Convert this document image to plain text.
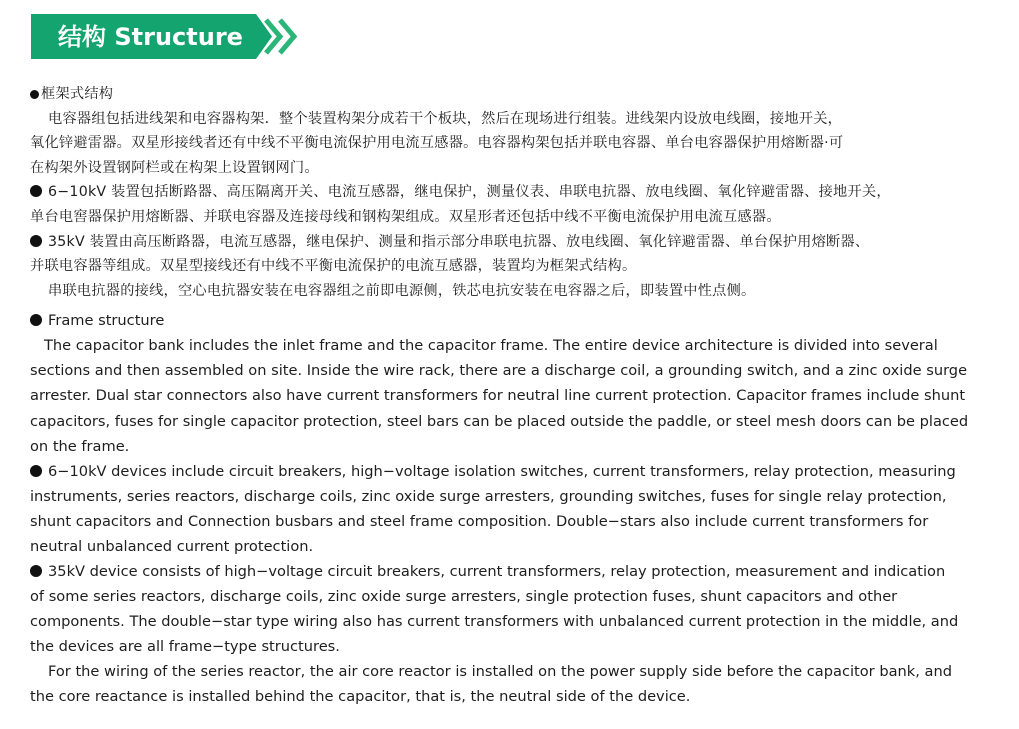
结构 Structure
框架式结构
电容器组包括进线架和电容器构架．整个装置构架分成若干个板块，然后在现场进行组装。进线架内设放电线圈，接地开关，
氧化锌避雷器。双星形接线者还有中线不平衡电流保护用电流互感器。电容器构架包括并联电容器、单台电容器保护用熔断器·可
在构架外设置钢阿栏或在构架上设置钢网门。
6−10kV 装置包括断路器、高压隔离开关、电流互感器，继电保护，测量仪表、串联电抗器、放电线圈、氧化锌避雷器、接地开关，
单台电窖器保护用熔断器、并联电容器及连接母线和钢构架组成。双星形者还包括中线不平衡电流保护用电流互感器。
35kV 装置由高压断路器，电流互感器，继电保护、测量和指示部分串联电抗器、放电线圈、氧化锌避雷器、单台保护用熔断器、
并联电容器等组成。双星型接线还有中线不平衡电流保护的电流互感器，装置均为框架式结构。
串联电抗器的接线，空心电抗器安装在电容器组之前即电源侧，铁芯电抗安装在电容器之后，即装置中性点侧。
Frame structure
The capacitor bank includes the inlet frame and the capacitor frame. The entire device architecture is divided into several
sections and then assembled on site. Inside the wire rack, there are a discharge coil, a grounding switch, and a zinc oxide surge
arrester. Dual star connectors also have current transformers for neutral line current protection. Capacitor frames include shunt
capacitors, fuses for single capacitor protection, steel bars can be placed outside the paddle, or steel mesh doors can be placed
on the frame.
6−10kV devices include circuit breakers, high−voltage isolation switches, current transformers, relay protection, measuring
instruments, series reactors, discharge coils, zinc oxide surge arresters, grounding switches, fuses for single relay protection,
shunt capacitors and Connection busbars and steel frame composition. Double−stars also include current transformers for
neutral unbalanced current protection.
35kV device consists of high−voltage circuit breakers, current transformers, relay protection, measurement and indication
of some series reactors, discharge coils, zinc oxide surge arresters, single protection fuses, shunt capacitors and other
components. The double−star type wiring also has current transformers with unbalanced current protection in the middle, and
the devices are all frame−type structures.
For the wiring of the series reactor, the air core reactor is installed on the power supply side before the capacitor bank, and
the core reactance is installed behind the capacitor, that is, the neutral side of the device.
